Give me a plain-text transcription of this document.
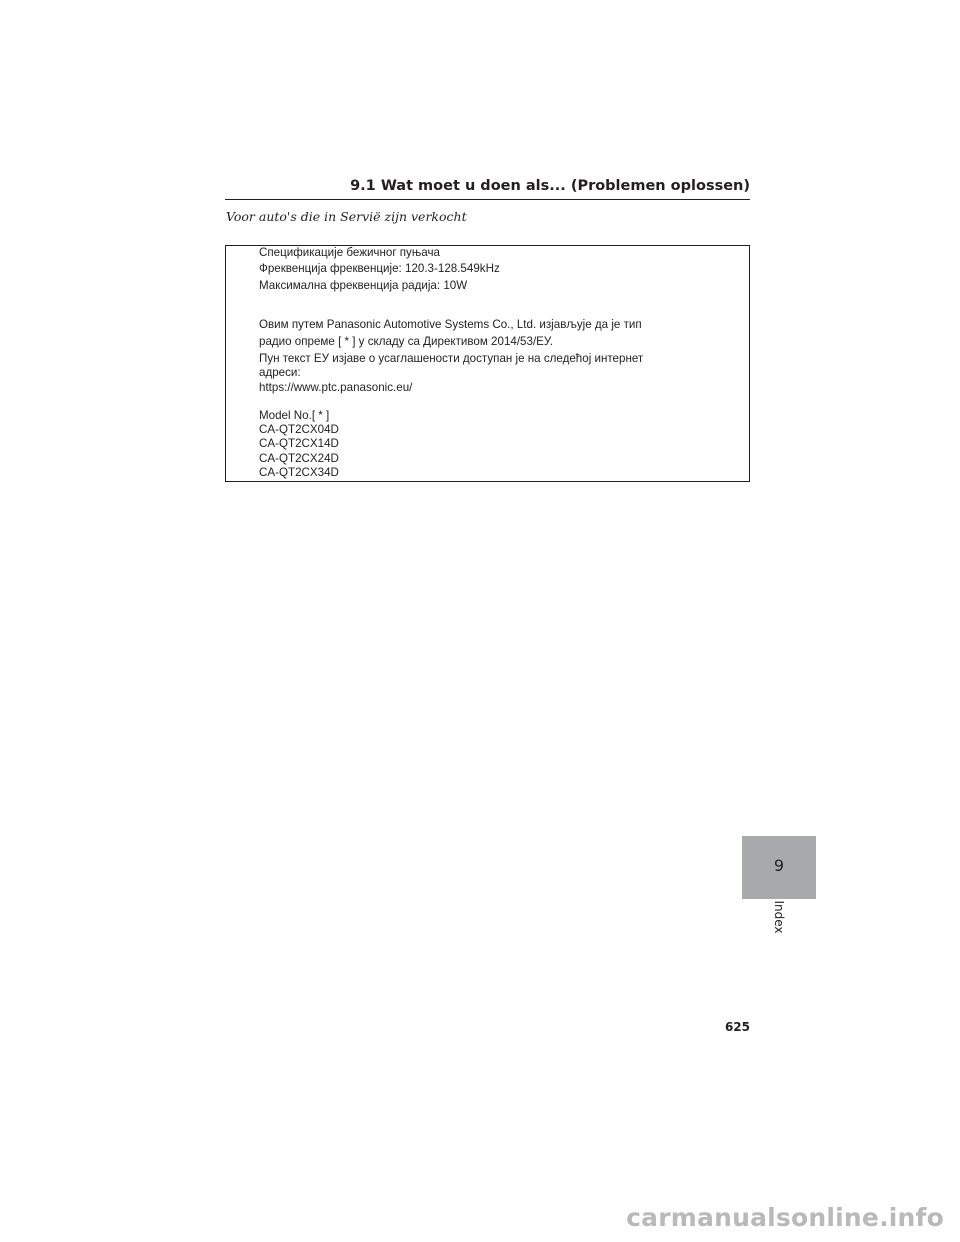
9.1 Wat moet u doen als... (Problemen oplossen)
Voor auto's die in Servië zijn verkocht
Спецификације бежичног пуњача
Фреквенција фреквенције: 120.3-128.549kHz
Максимална фреквенција радија: 10W
Овим путем Panasonic Automotive Systems Co., Ltd. изјављује да је тип
радио опреме [ * ] у складу са Директивом 2014/53/ЕУ.
Пун текст ЕУ изјаве о усаглашености доступан је на следећој интернет
адреси:
https://www.ptc.panasonic.eu/
Model No.[ * ]
CA-QT2CX04D
CA-QT2CX14D
CA-QT2CX24D
CA-QT2CX34D
9
Index
625
carmanualsonline.info
